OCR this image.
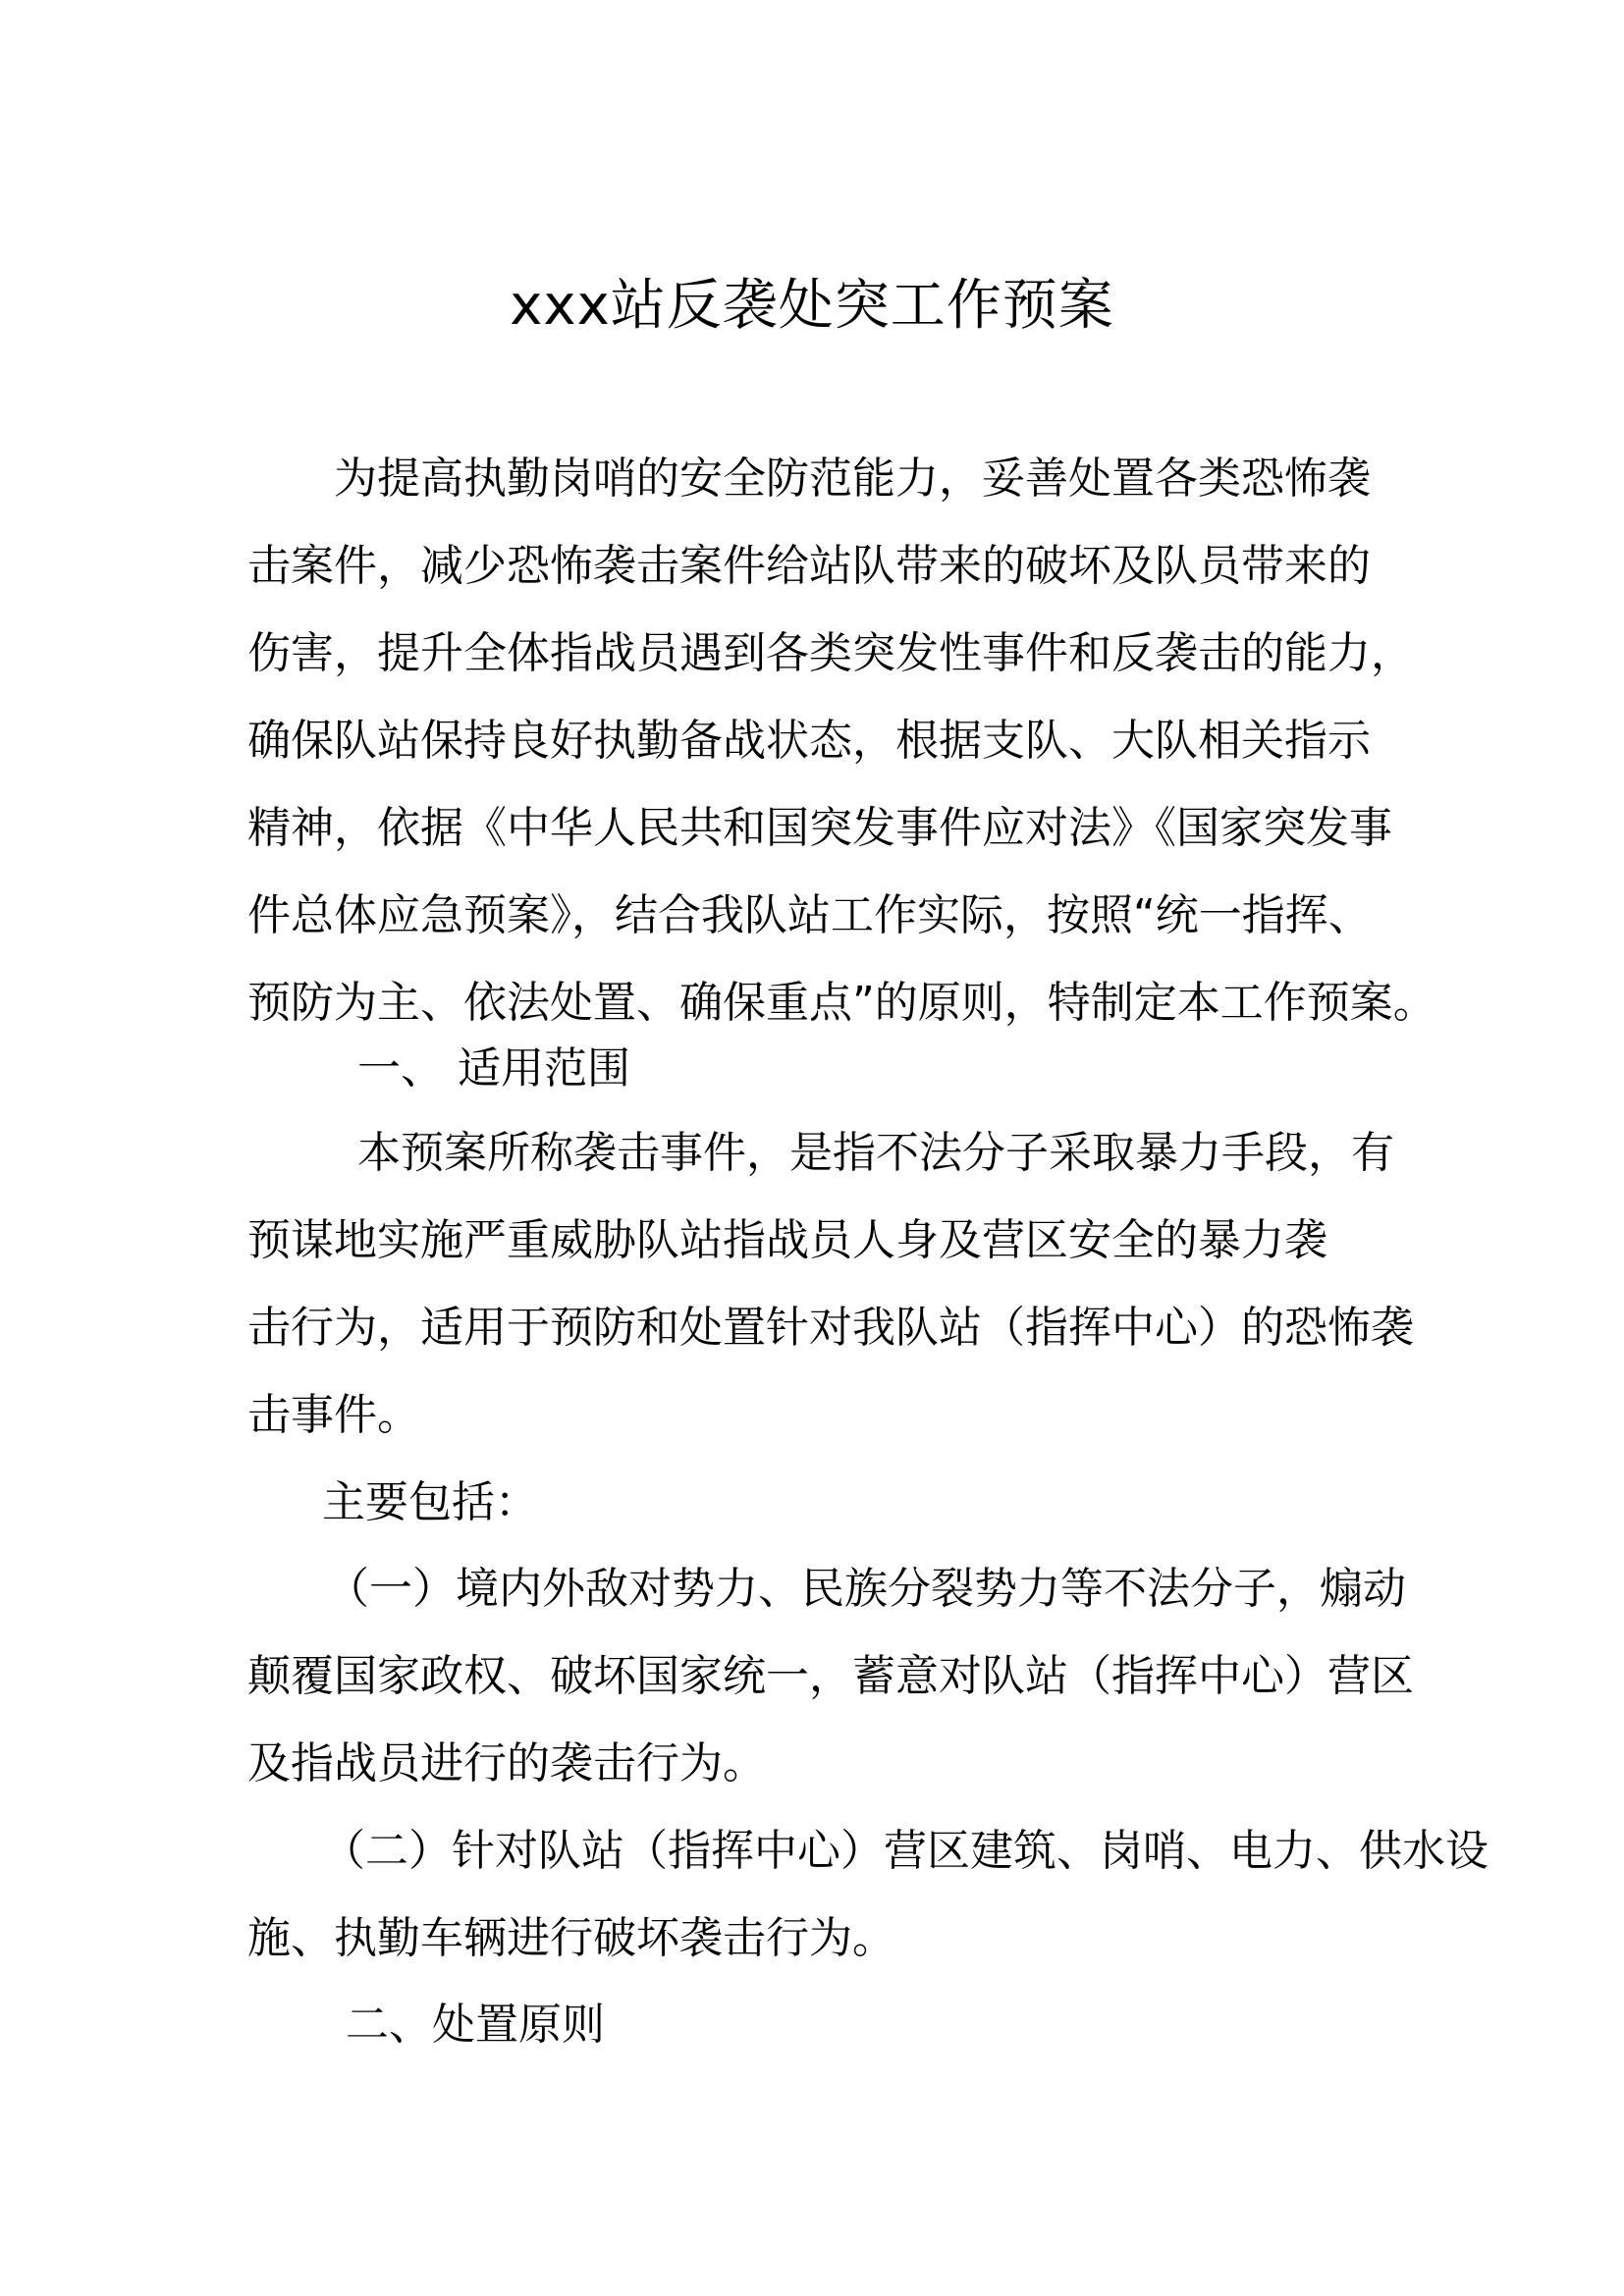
xxx站反袭处突工作预案
为提高执勤岗哨的安全防范能力，妥善处置各类恐怖袭
击案件，减少恐怖袭击案件给站队带来的破坏及队员带来的
伤害，提升全体指战员遇到各类突发性事件和反袭击的能力，
确保队站保持良好执勤备战状态，根据支队、大队相关指示
精神，依据《中华人民共和国突发事件应对法》《国家突发事
件总体应急预案》，结合我队站工作实际，按照“统一指挥、
预防为主、依法处置、确保重点”的原则，特制定本工作预案。
一、 适用范围
本预案所称袭击事件，是指不法分子采取暴力手段，有
预谋地实施严重威胁队站指战员人身及营区安全的暴力袭
击行为，适用于预防和处置针对我队站（指挥中心）的恐怖袭
击事件。
主要包括：
（一）境内外敌对势力、民族分裂势力等不法分子，煽动
颠覆国家政权、破坏国家统一，蓄意对队站（指挥中心）营区
及指战员进行的袭击行为。
（二）针对队站（指挥中心）营区建筑、岗哨、电力、供水设
施、执勤车辆进行破坏袭击行为。
二、处置原则
